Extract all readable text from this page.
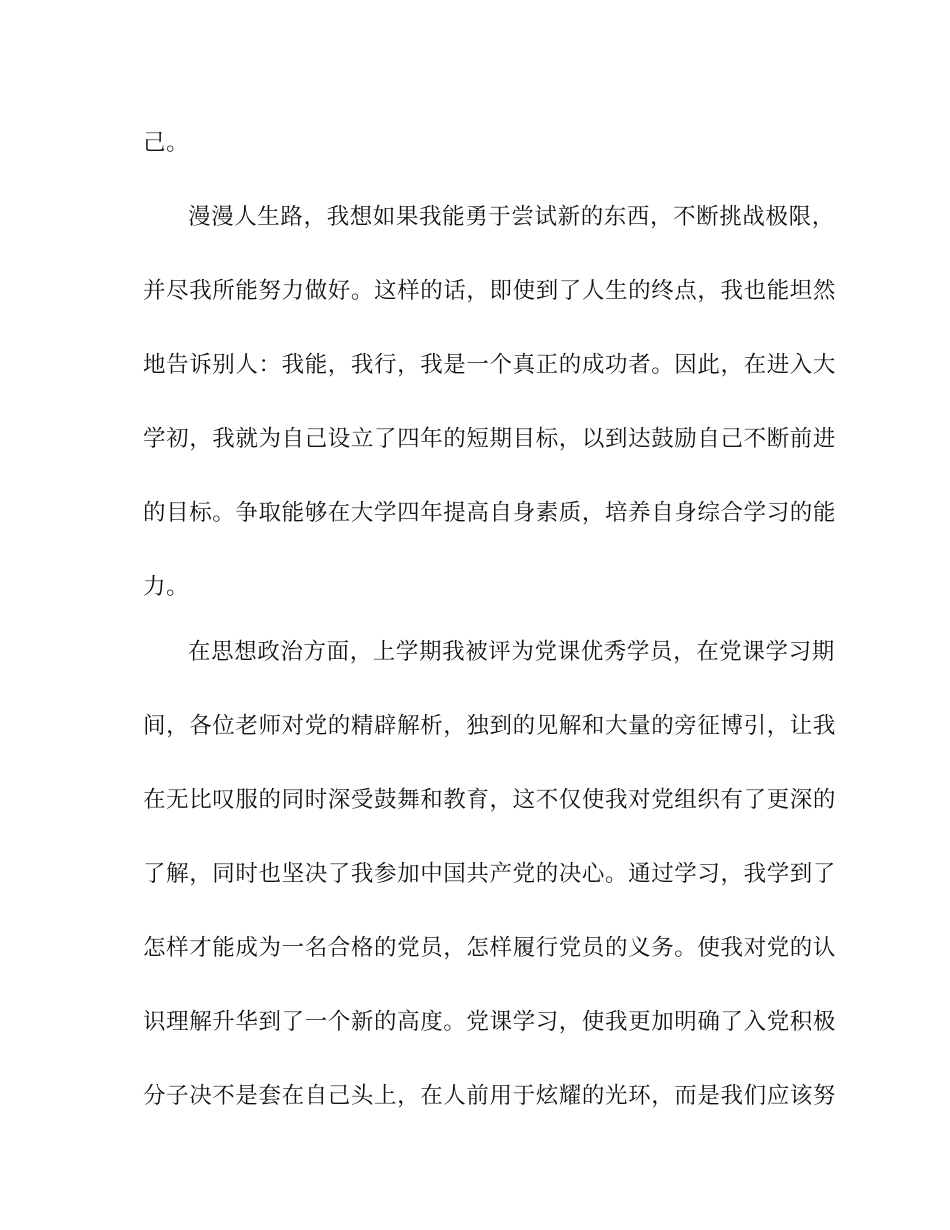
己。
漫漫人生路，我想如果我能勇于尝试新的东西，不断挑战极限，
并尽我所能努力做好。这样的话，即使到了人生的终点，我也能坦然
地告诉别人：我能，我行，我是一个真正的成功者。因此，在进入大
学初，我就为自己设立了四年的短期目标，以到达鼓励自己不断前进
的目标。争取能够在大学四年提高自身素质，培养自身综合学习的能
力。
在思想政治方面，上学期我被评为党课优秀学员，在党课学习期
间，各位老师对党的精辟解析，独到的见解和大量的旁征博引，让我
在无比叹服的同时深受鼓舞和教育，这不仅使我对党组织有了更深的
了解，同时也坚决了我参加中国共产党的决心。通过学习，我学到了
怎样才能成为一名合格的党员，怎样履行党员的义务。使我对党的认
识理解升华到了一个新的高度。党课学习，使我更加明确了入党积极
分子决不是套在自己头上，在人前用于炫耀的光环，而是我们应该努
